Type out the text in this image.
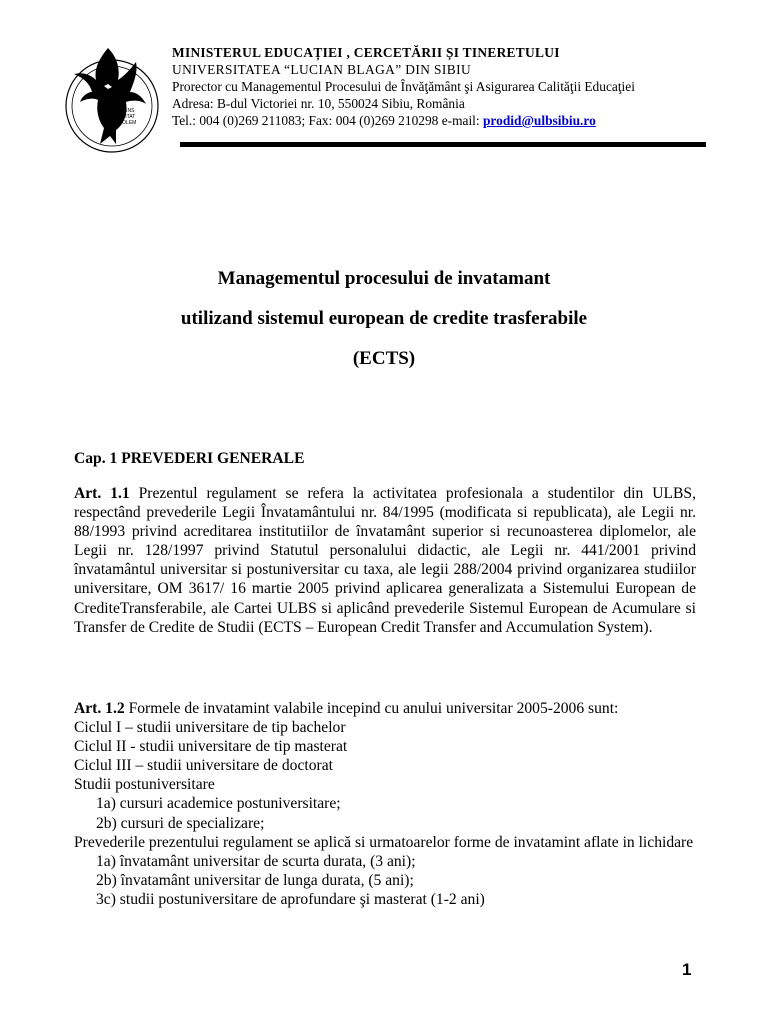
MENS
AGITAT
MOLEM
MINISTERUL EDUCAȚIEI , CERCETĂRII ȘI TINERETULUI
UNIVERSITATEA “LUCIAN BLAGA” DIN SIBIU
Prorector cu Managementul Procesului de Învăţământ şi Asigurarea Calităţii Educaţiei
Adresa: B-dul Victoriei nr. 10, 550024 Sibiu, România
Tel.: 004 (0)269 211083; Fax: 004 (0)269 210298 e-mail: prodid@ulbsibiu.ro
Managementul procesului de invatamant
utilizand sistemul european de credite trasferabile
(ECTS)
Cap. 1 PREVEDERI GENERALE
Art. 1.1 Prezentul regulament se refera la activitatea profesionala a studentilor din ULBS, respectând prevederile Legii Învatamântului nr. 84/1995 (modificata si republicata), ale Legii nr. 88/1993 privind acreditarea institutiilor de învatamânt superior si recunoasterea diplomelor, ale Legii nr. 128/1997 privind Statutul personalului didactic, ale Legii nr. 441/2001 privind învatamântul universitar si postuniversitar cu taxa, ale legii 288/2004 privind organizarea studiilor universitare, OM 3617/ 16 martie 2005 privind aplicarea generalizata a Sistemului European de CrediteTransferabile, ale Cartei ULBS si aplicând prevederile Sistemul European de Acumulare si Transfer de Credite de Studii (ECTS – European Credit Transfer and Accumulation System).
Art. 1.2 Formele de invatamint valabile incepind cu anului universitar 2005-2006 sunt:
Ciclul I – studii universitare de tip bachelor
Ciclul II - studii universitare de tip masterat
Ciclul III – studii universitare de doctorat
Studii postuniversitare
1a) cursuri academice postuniversitare;
2b) cursuri de specializare;
Prevederile prezentului regulament se aplică si urmatoarelor forme de invatamint aflate in lichidare
1a) învatamânt universitar de scurta durata, (3 ani);
2b) învatamânt universitar de lunga durata, (5 ani);
3c) studii postuniversitare de aprofundare şi masterat (1-2 ani)
1
